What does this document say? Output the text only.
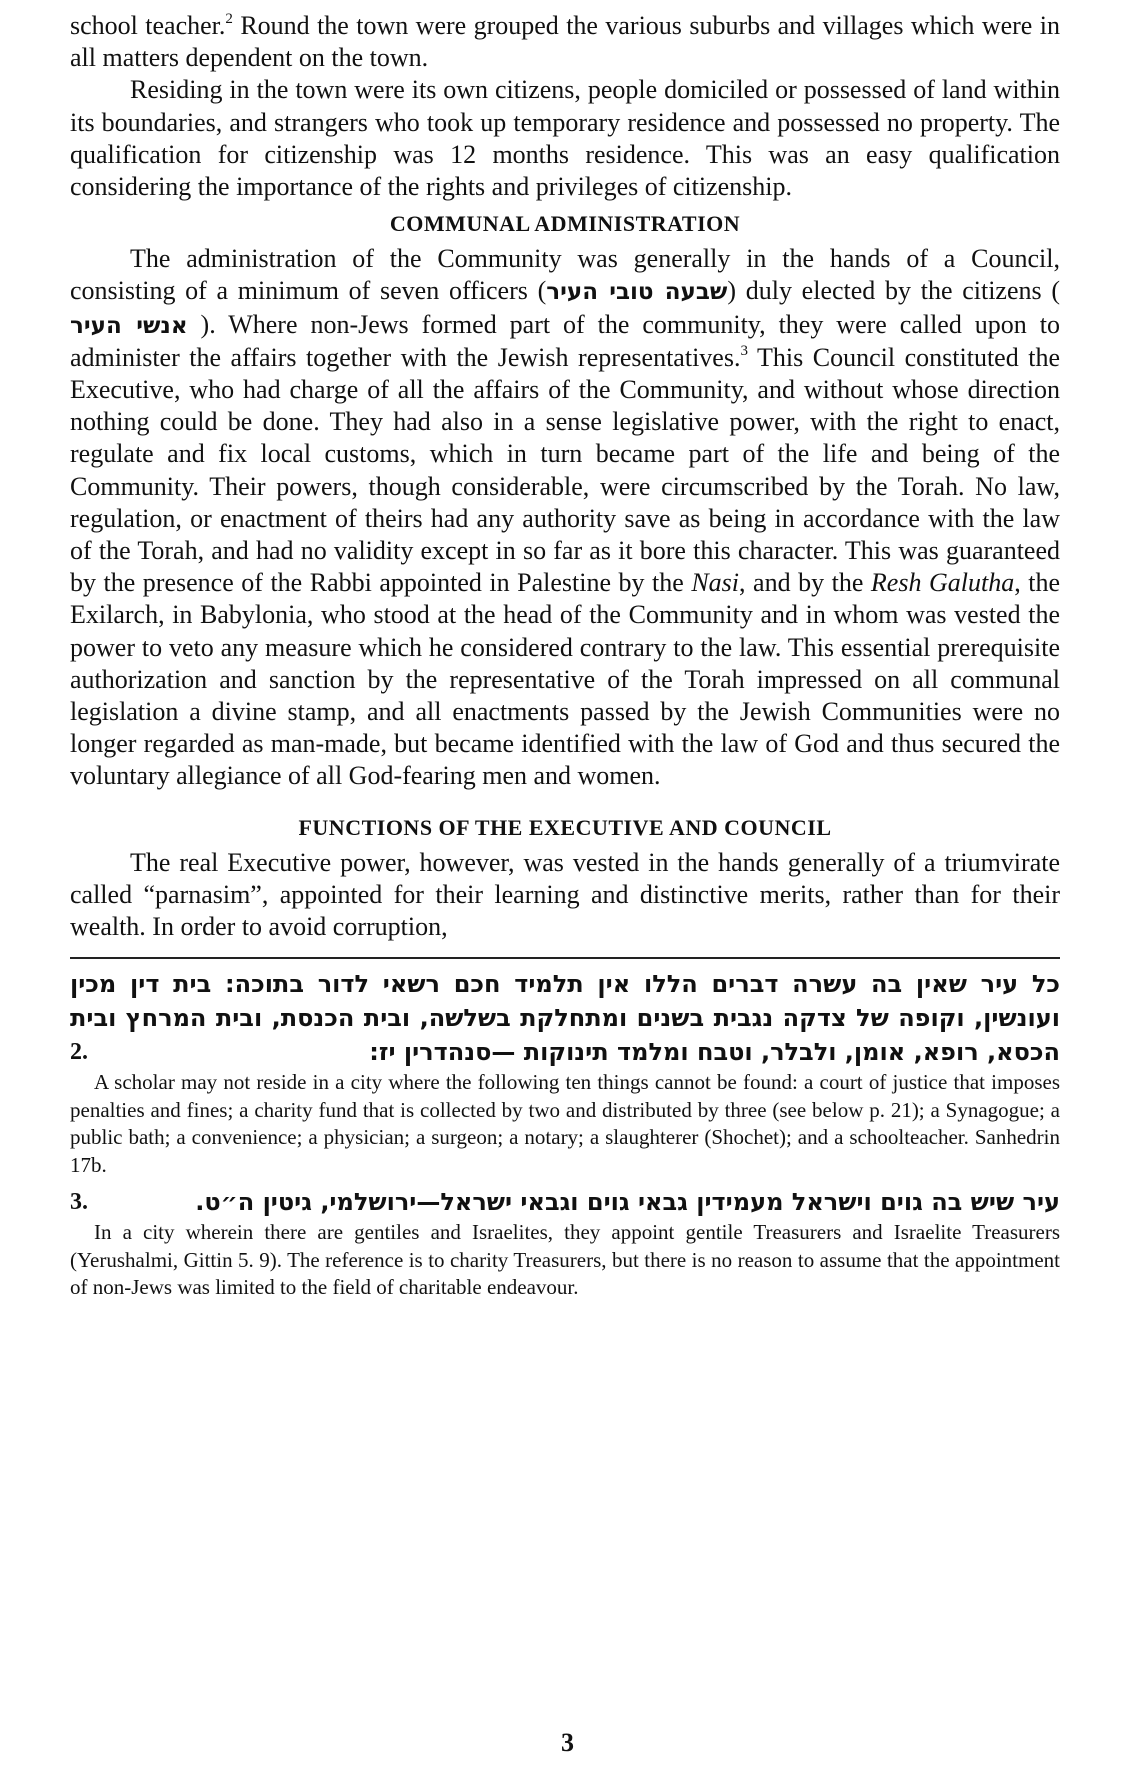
school teacher.$^2$ Round the town were grouped the various suburbs and villages which were in all matters dependent on the town.

Residing in the town were its own citizens, people domiciled or possessed of land within its boundaries, and strangers who took up temporary residence and possessed no property. The qualification for citizenship was 12 months residence. This was an easy qualification considering the importance of the rights and privileges of citizenship.

COMMUNAL ADMINISTRATION

The administration of the Community was generally in the hands of a Council, consisting of a minimum of seven officers (שבעה טובי העיר) duly elected by the citizens ( אנשי העיר ). Where non-Jews formed part of the community, they were called upon to administer the affairs together with the Jewish representatives.$^3$ This Council constituted the Executive, who had charge of all the affairs of the Community, and without whose direction nothing could be done. They had also in a sense legislative power, with the right to enact, regulate and fix local customs, which in turn became part of the life and being of the Community. Their powers, though considerable, were circumscribed by the Torah. No law, regulation, or enactment of theirs had any authority save as being in accordance with the law of the Torah, and had no validity except in so far as it bore this character. This was guaranteed by the presence of the Rabbi appointed in Palestine by the Nasi, and by the Resh Galutha, the Exilarch, in Babylonia, who stood at the head of the Community and in whom was vested the power to veto any measure which he considered contrary to the law. This essential prerequisite authorization and sanction by the representative of the Torah impressed on all communal legislation a divine stamp, and all enactments passed by the Jewish Communities were no longer regarded as man-made, but became identified with the law of God and thus secured the voluntary allegiance of all God-fearing men and women.

FUNCTIONS OF THE EXECUTIVE AND COUNCIL

The real Executive power, however, was vested in the hands generally of a triumvirate called “parnasim”, appointed for their learning and distinctive merits, rather than for their wealth. In order to avoid corruption,

כל עיר שאין בה עשרה דברים הללו אין תלמיד חכם רשאי לדור בתוכה: בית דין מכין ועונשין, וקופה של צדקה נגבית בשנים ומתחלקת בשלשה, ובית הכנסת, ובית המרחץ ובית הכסא, רופא, אומן, ולבלר, וטבח ומלמד תינוקות —סנהדרין יז:
2.

A scholar may not reside in a city where the following ten things cannot be found: a court of justice that imposes penalties and fines; a charity fund that is collected by two and distributed by three (see below p. 21); a Synagogue; a public bath; a convenience; a physician; a surgeon; a notary; a slaughterer (Shochet); and a schoolteacher. Sanhedrin 17b.

עיר שיש בה גוים וישראל מעמידין גבאי גוים וגבאי ישראל—ירושלמי, גיטין ה״ט.
3.

In a city wherein there are gentiles and Israelites, they appoint gentile Treasurers and Israelite Treasurers (Yerushalmi, Gittin 5. 9). The reference is to charity Treasurers, but there is no reason to assume that the appointment of non-Jews was limited to the field of charitable endeavour.

3
